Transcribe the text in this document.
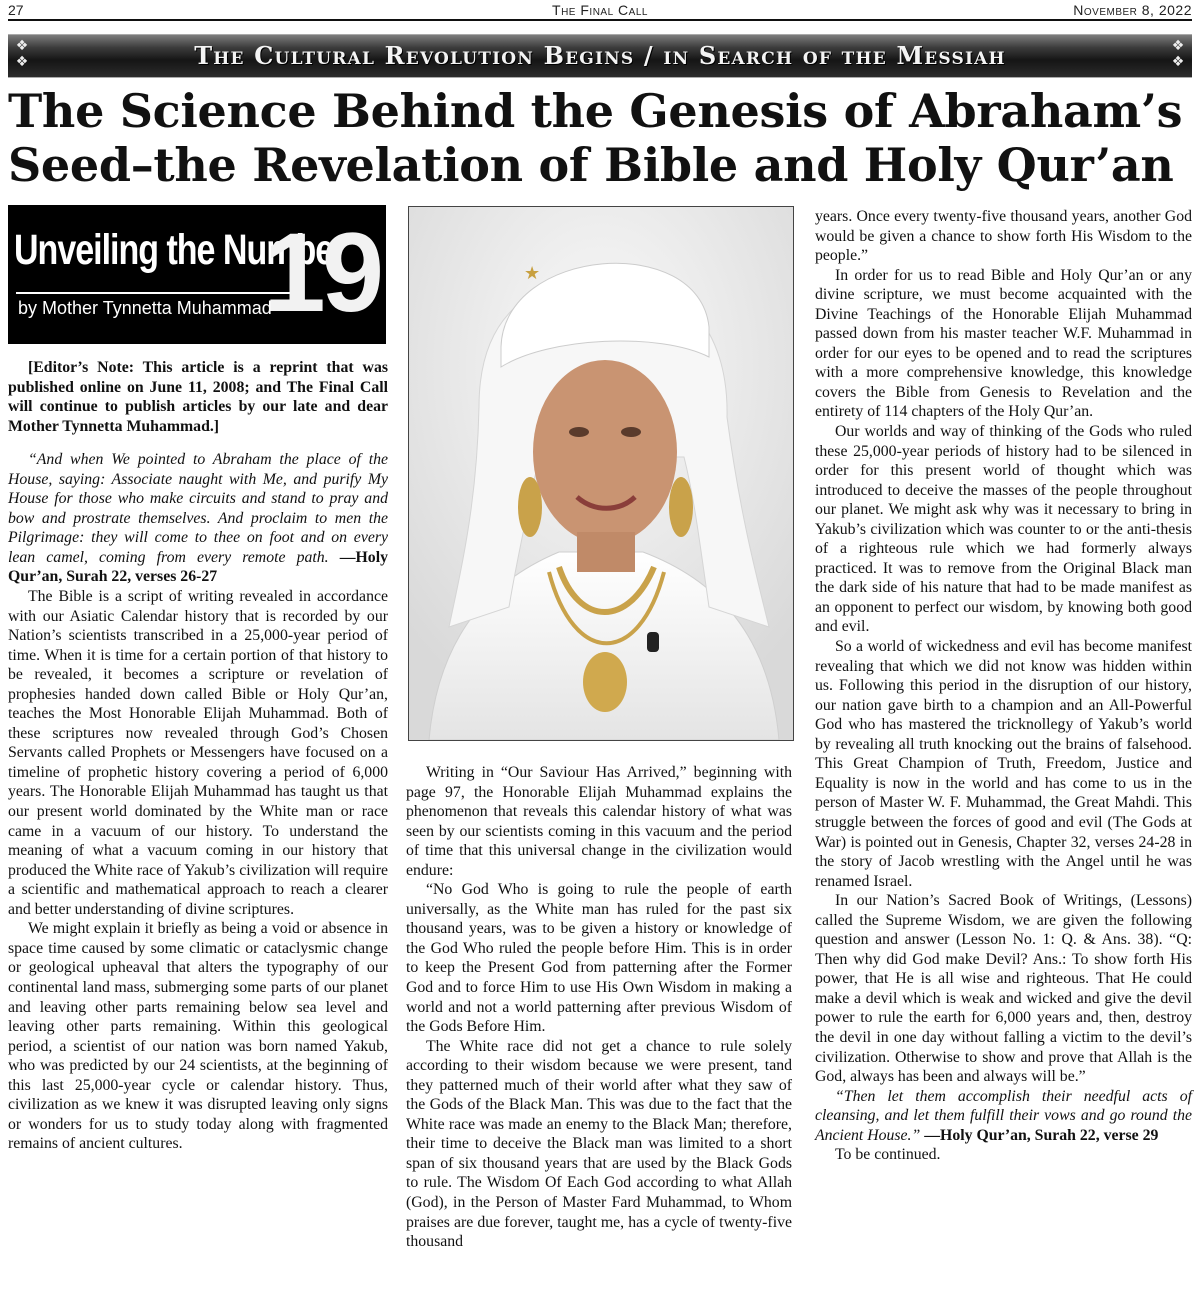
27	The Final Call	November 8, 2022
❖
❖	The Cultural Revolution Begins / in Search of the Messiah	❖
❖
The Science Behind the Genesis of Abraham’s Seed–the Revelation of Bible and Holy Qur’an
Unveiling the Number
by Mother Tynnetta Muhammad
19	★

[Editor’s Note: This article is a reprint that was published online on June 11, 2008; and The Final Call will continue to publish articles by our late and dear Mother Tynnetta Muhammad.]

“And when We pointed to Abraham the place of the House, saying: Associate naught with Me, and purify My House for those who make circuits and stand to pray and bow and prostrate themselves. And proclaim to men the Pilgrimage: they will come to thee on foot and on every lean camel, coming from every remote path. —Holy Qur’an, Surah 22, verses 26-27

The Bible is a script of writing revealed in accordance with our Asiatic Calendar history that is recorded by our Nation’s scientists transcribed in a 25,000-year period of time. When it is time for a certain portion of that history to be revealed, it becomes a scripture or revelation of prophesies handed down called Bible or Holy Qur’an, teaches the Most Honorable Elijah Muhammad. Both of these scriptures now revealed through God’s Chosen Servants called Prophets or Messengers have focused on a timeline of prophetic history covering a period of 6,000 years. The Honorable Elijah Muhammad has taught us that our present world dominated by the White man or race came in a vacuum of our history. To understand the meaning of what a vacuum coming in our history that produced the White race of Yakub’s civilization will require a scientific and mathematical approach to reach a clearer and better understanding of divine scriptures.

We might explain it briefly as being a void or absence in space time caused by some climatic or cataclysmic change or geological upheaval that alters the typography of our continental land mass, submerging some parts of our planet and leaving other parts remaining below sea level and leaving other parts remaining. Within this geological period, a scientist of our nation was born named Yakub, who was predicted by our 24 scientists, at the beginning of this last 25,000-year cycle or calendar history. Thus, civilization as we knew it was disrupted leaving only signs or wonders for us to study today along with fragmented remains of ancient cultures.

Writing in “Our Saviour Has Arrived,” beginning with page 97, the Honorable Elijah Muhammad explains the phenomenon that reveals this calendar history of what was seen by our scientists coming in this vacuum and the period of time that this universal change in the civilization would endure:

“No God Who is going to rule the people of earth universally, as the White man has ruled for the past six thousand years, was to be given a history or knowledge of the God Who ruled the people before Him. This is in order to keep the Present God from patterning after the Former God and to force Him to use His Own Wisdom in making a world and not a world patterning after previous Wisdom of the Gods Before Him.

The White race did not get a chance to rule solely according to their wisdom because we were present, tand they patterned much of their world after what they saw of the Gods of the Black Man. This was due to the fact that the White race was made an enemy to the Black Man; therefore, their time to deceive the Black man was limited to a short span of six thousand years that are used by the Black Gods to rule. The Wisdom Of Each God according to what Allah (God), in the Person of Master Fard Muhammad, to Whom praises are due forever, taught me, has a cycle of twenty-five thousand

years. Once every twenty-five thousand years, another God would be given a chance to show forth His Wisdom to the people.”

In order for us to read Bible and Holy Qur’an or any divine scripture, we must become acquainted with the Divine Teachings of the Honorable Elijah Muhammad passed down from his master teacher W.F. Muhammad in order for our eyes to be opened and to read the scriptures with a more comprehensive knowledge, this knowledge covers the Bible from Genesis to Revelation and the entirety of 114 chapters of the Holy Qur’an.

Our worlds and way of thinking of the Gods who ruled these 25,000-year periods of history had to be silenced in order for this present world of thought which was introduced to deceive the masses of the people throughout our planet. We might ask why was it necessary to bring in Yakub’s civilization which was counter to or the anti-thesis of a righteous rule which we had formerly always practiced. It was to remove from the Original Black man the dark side of his nature that had to be made manifest as an opponent to perfect our wisdom, by knowing both good and evil.

So a world of wickedness and evil has become manifest revealing that which we did not know was hidden within us. Following this period in the disruption of our history, our nation gave birth to a champion and an All-Powerful God who has mastered the tricknollegy of Yakub’s world by revealing all truth knocking out the brains of falsehood. This Great Champion of Truth, Freedom, Justice and Equality is now in the world and has come to us in the person of Master W. F. Muhammad, the Great Mahdi. This struggle between the forces of good and evil (The Gods at War) is pointed out in Genesis, Chapter 32, verses 24-28 in the story of Jacob wrestling with the Angel until he was renamed Israel.

In our Nation’s Sacred Book of Writings, (Lessons) called the Supreme Wisdom, we are given the following question and answer (Lesson No. 1: Q. & Ans. 38). “Q: Then why did God make Devil? Ans.: To show forth His power, that He is all wise and righteous. That He could make a devil which is weak and wicked and give the devil power to rule the earth for 6,000 years and, then, destroy the devil in one day without falling a victim to the devil’s civilization. Otherwise to show and prove that Allah is the God, always has been and always will be.”

“Then let them accomplish their needful acts of cleansing, and let them fulfill their vows and go round the Ancient House.” —Holy Qur’an, Surah 22, verse 29

To be continued.
